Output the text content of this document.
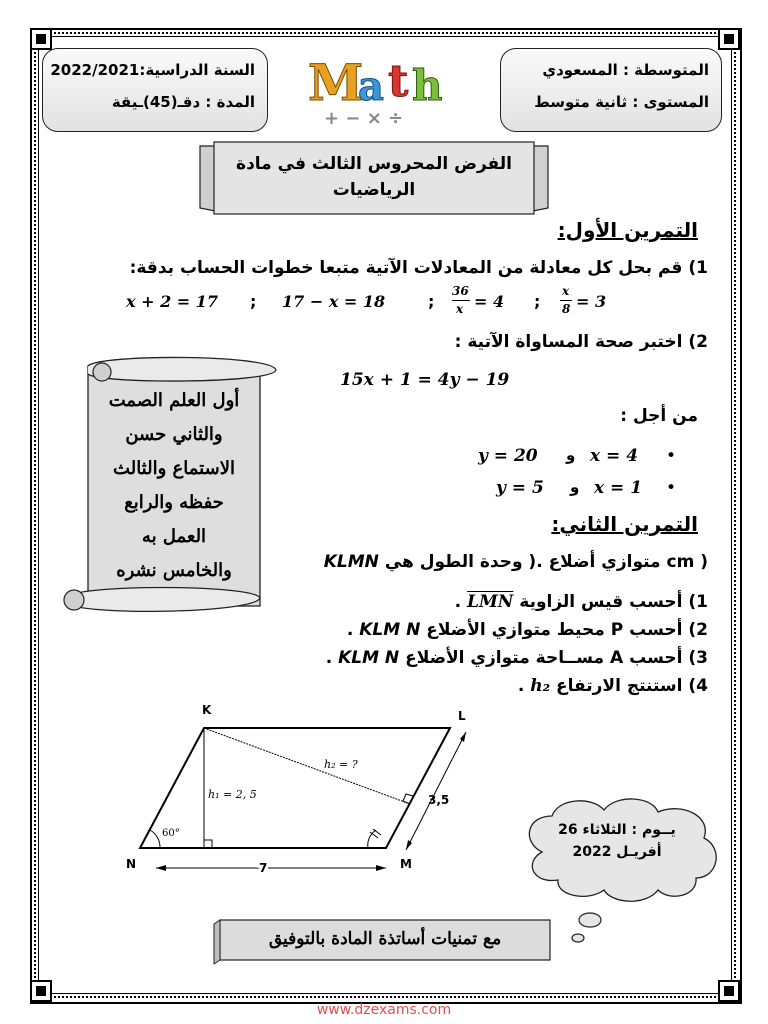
المتوسطة : المسعودي
المستوى : ثانية متوسط
السنة الدراسية:2022/2021
المدة : دقـ(45)ـيقة M
a t h
+ − × ÷
الفرض المحروس الثالث في مادة
الرياضيات
التمرين الأول:
1) قم بحل كل معادلة من المعادلات الآتية متبعا خطوات الحساب بدقة:
x + 2 = 17 ; 17 − x = 18	;
36
x = 4 ;
x
8 = 3
2) اختبر صحة المساواة الآتية :
15x + 1 = 4y − 19
من أجل :
y = 20 و x = 4 •
y = 5 و x = 1 •
أول العلم الصمت
والثاني حسن
الاستماع والثالث
حفظه والرابع
العمل به
والخامس نشره
التمرين الثاني:
KLMN متوازي أضلاع .( وحدة الطول هي cm )
1) أحسب قيس الزاوية $\overline{LMN}$ .
2) أحسب P محيط متوازي الأضلاع KLM N .
3) أحسب A مســاحة متوازي الأضلاع KLM N .
4) استنتج الارتفاع h₂ .
K	L
M
N
60°
h₁ = 2, 5
h₂ = ?
3,5
7
يــوم : الثلاثاء 26
أفريـل 2022
مع تمنيات أساتذة المادة بالتوفيق
www.dzexams.com
